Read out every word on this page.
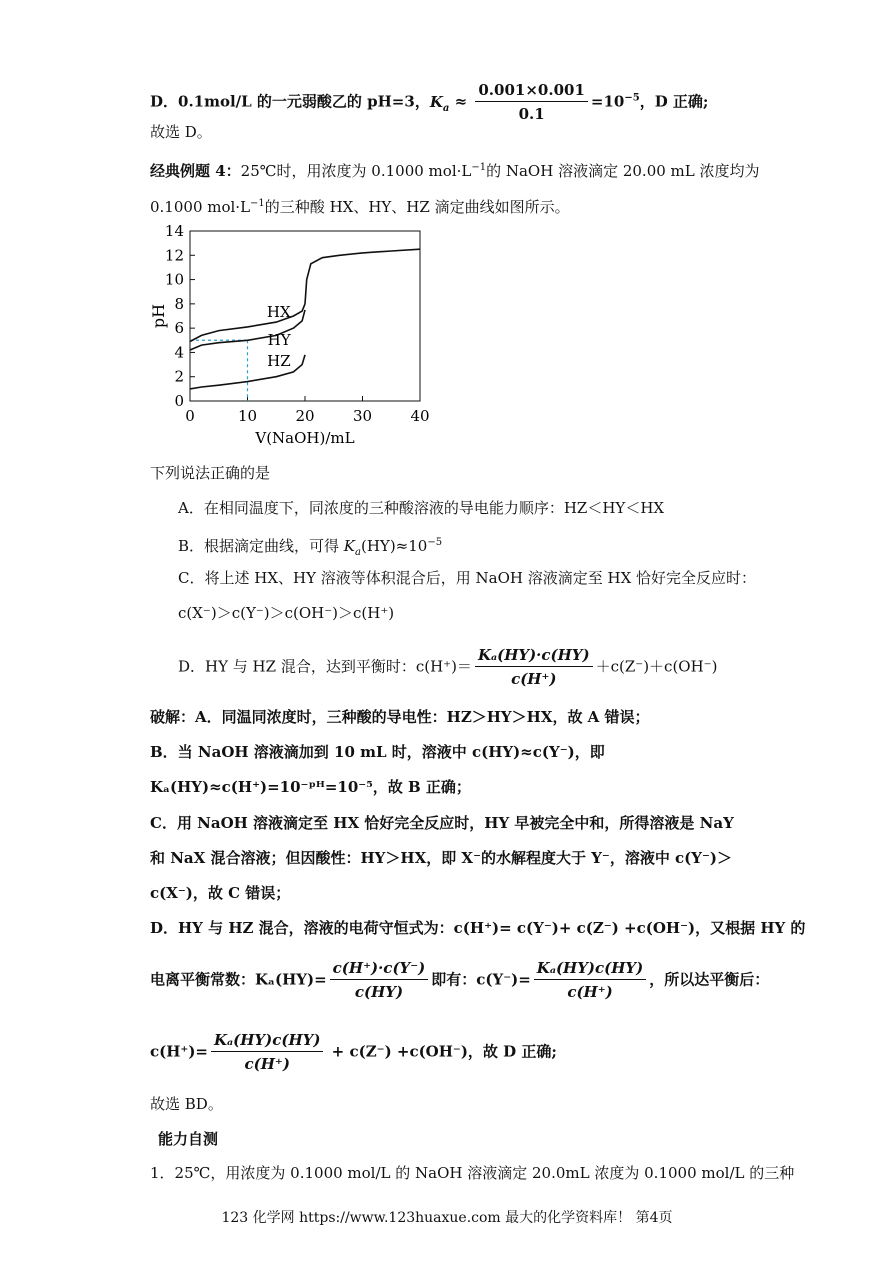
D．0.1mol/L 的一元弱酸乙的 pH=3，$K_a \approx \frac{0.001\times 0.001}{0.1} =10^{-5}$，D 正确;
故选 D。
经典例题 4：25℃时，用浓度为 0.1000 $mol\cdot L^{-1}$的 NaOH 溶液滴定 20.00 mL 浓度均为
0.1000 $mol\cdot L^{-1}$的三种酸 HX、HY、HZ 滴定曲线如图所示。
0
2
4
6
8
10
12
14
0	10	20	30	40
V(NaOH)/mL
pH	HX
HY
HZ
下列说法正确的是
A．在相同温度下，同浓度的三种酸溶液的导电能力顺序：HZ＜HY＜HX
B．根据滴定曲线，可得 $K_a(HY)\approx 10^{-5}$
C．将上述 HX、HY 溶液等体积混合后，用 NaOH 溶液滴定至 HX 恰好完全反应时：
c(X⁻)＞c(Y⁻)＞c(OH⁻)＞c(H⁺)
D．HY 与 HZ 混合，达到平衡时：$c(H^+)= \frac{\text{Kₐ(HY)·c(HY)}}{c(H^+)} +c(Z^-)+c(OH^-)$
破解：A．同温同浓度时，三种酸的导电性：HZ＞HY＞HX，故 A 错误；
B．当 NaOH 溶液滴加到 10 mL 时，溶液中 c(HY)≈c(Y⁻)，即
Kₐ(HY)≈c(H⁺)=10⁻ᵖᴴ=10⁻⁵，故 B 正确；
C．用 NaOH 溶液滴定至 HX 恰好完全反应时，HY 早被完全中和，所得溶液是 NaY
和 NaX 混合溶液；但因酸性：HY＞HX，即 X⁻的水解程度大于 Y⁻，溶液中 c(Y⁻)＞
c(X⁻)，故 C 错误；
D．HY 与 HZ 混合，溶液的电荷守恒式为：c(H⁺)= c(Y⁻)+ c(Z⁻) +c(OH⁻)，又根据 HY 的
电离平衡常数：$K_a(HY)= \frac{c(H^+)\cdot c(Y^-)}{c(HY)}$ 即有：$c(Y^-)= \frac{\text{Kₐ(HY)c(HY)}}{c(H^+)}$ ，所以达平衡后：
$c(H^+)= \frac{\text{Kₐ(HY)c(HY)}}{c(H^+)} + c(Z^-) +c(OH^-)$，故 D 正确;
故选 BD。
能力自测
1．25℃，用浓度为 0.1000 mol/L 的 NaOH 溶液滴定 20.0mL 浓度为 0.1000 mol/L 的三种
123 化学网 https://www.123huaxue.com 最大的化学资料库！ 第4页
